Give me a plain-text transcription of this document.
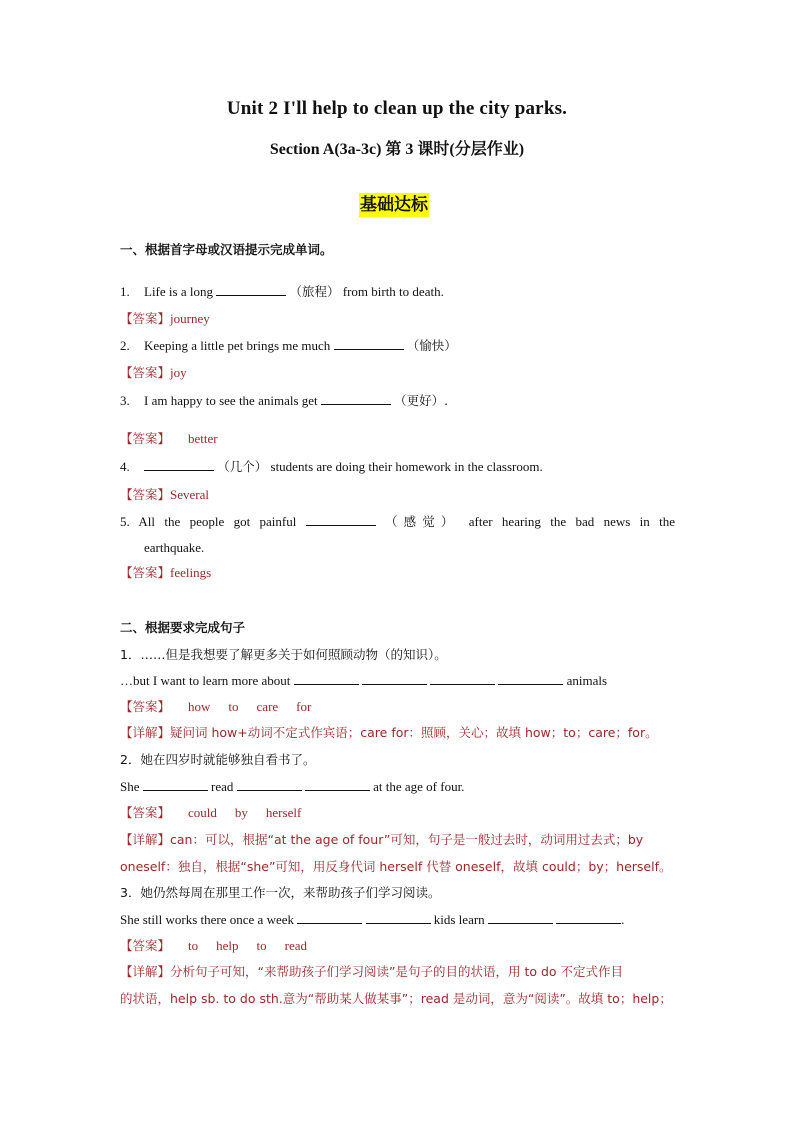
Unit 2 I'll help to clean up the city parks.
Section A(3a-3c) 第 3 课时(分层作业)
基础达标
一、根据首字母或汉语提示完成单词。
1. Life is a long	（旅程） from birth to death.
【答案】journey
2. Keeping a little pet brings me much	（愉快）
【答案】joy
3. I am happy to see the animals get	（更好）.
【答案】 better
4.	（几个） students are doing their homework in the classroom.
【答案】Several
5. All the people got painful	（感觉） after hearing the bad news in the
earthquake.
【答案】feelings
二、根据要求完成句子
1．……但是我想要了解更多关于如何照顾动物（的知识）。
…but I want to learn more about	animals
【答案】 how to care for
【详解】疑问词 how+动词不定式作宾语；care for：照顾，关心；故填 how；to；care；for。
2．她在四岁时就能够独自看书了。
She	read	at the age of four.
【答案】 could by herself
【详解】can：可以，根据“at the age of four”可知，句子是一般过去时，动词用过去式；by
oneself：独自，根据“she”可知，用反身代词 herself 代替 oneself，故填 could；by；herself。
3．她仍然每周在那里工作一次，来帮助孩子们学习阅读。
She still works there once a week	kids learn	.
【答案】 to help to read
【详解】分析句子可知，“来帮助孩子们学习阅读”是句子的目的状语，用 to do 不定式作目
的状语，help sb. to do sth.意为“帮助某人做某事”；read 是动词，意为“阅读”。故填 to；help；
